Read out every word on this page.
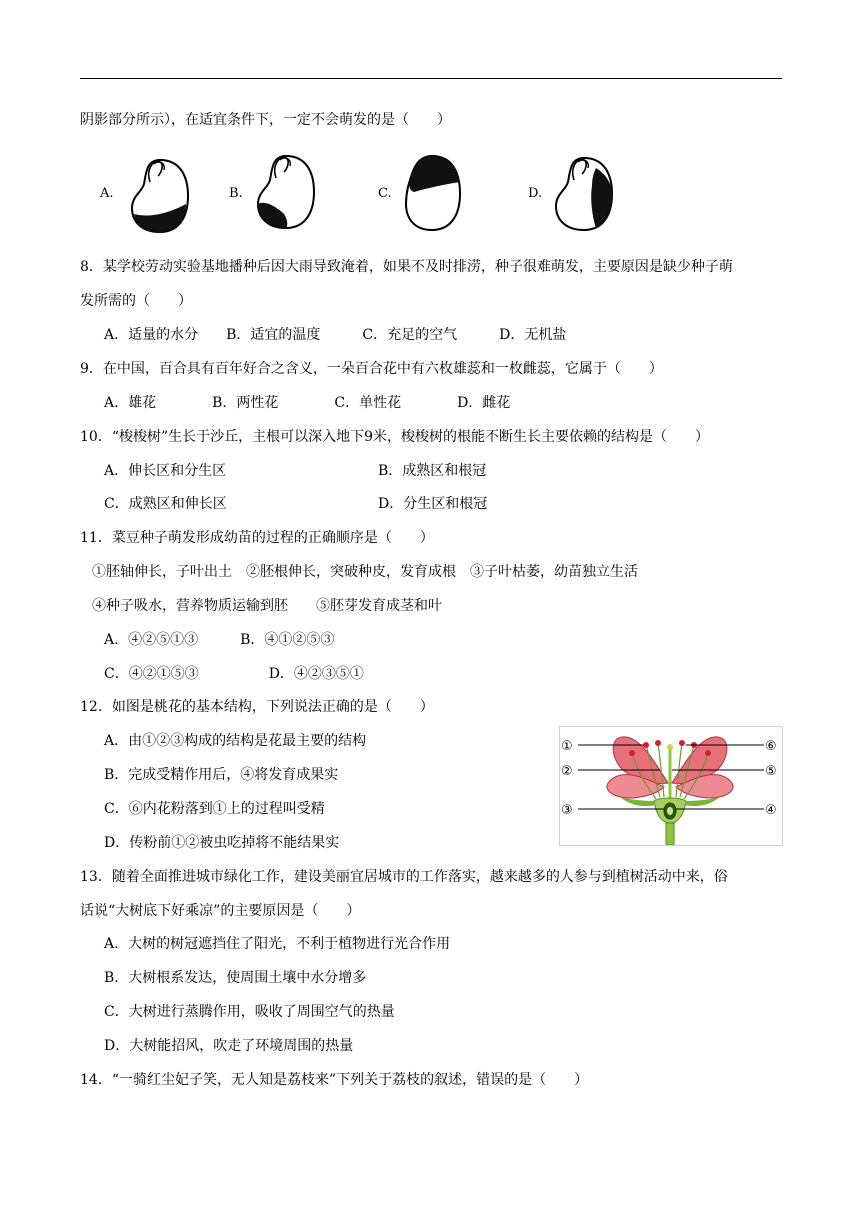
阴影部分所示），在适宜条件下，一定不会萌发的是（　　）
A.	B.	C.	D.
8．某学校劳动实验基地播种后因大雨导致淹着，如果不及时排涝，种子很难萌发，主要原因是缺少种子萌
发所需的（　　）
A．适量的水分　　B．适宜的温度　　　C．充足的空气　　　D．无机盐
9．在中国，百合具有百年好合之含义，一朵百合花中有六枚雄蕊和一枚雌蕊，它属于（　　）
A．雄花　　　　B．两性花　　　　C．单性花　　　　D．雌花
10．“梭梭树”生长于沙丘，主根可以深入地下9米，梭梭树的根能不断生长主要依赖的结构是（　　）
A．伸长区和分生区	B．成熟区和根冠
C．成熟区和伸长区	D．分生区和根冠
11．菜豆种子萌发形成幼苗的过程的正确顺序是（　　）
①胚轴伸长，子叶出土　②胚根伸长，突破种皮，发育成根　③子叶枯萎，幼苗独立生活
④种子吸水，营养物质运输到胚　　⑤胚芽发育成茎和叶
A．④②⑤①③　　　B．④①②⑤③
C．④②①⑤③　　　　　D．④②③⑤①
12．如图是桃花的基本结构，下列说法正确的是（　　）
A．由①②③构成的结构是花最主要的结构
B．完成受精作用后，④将发育成果实
C．⑥内花粉落到①上的过程叫受精
D．传粉前①②被虫吃掉将不能结果实
①
②
③	④
⑤
⑥
13．随着全面推进城市绿化工作，建设美丽宜居城市的工作落实，越来越多的人参与到植树活动中来，俗
话说“大树底下好乘凉”的主要原因是（　　）
A．大树的树冠遮挡住了阳光，不利于植物进行光合作用
B．大树根系发达，使周围土壤中水分增多
C．大树进行蒸腾作用，吸收了周围空气的热量
D．大树能招风，吹走了环境周围的热量
14．“一骑红尘妃子笑，无人知是荔枝来”下列关于荔枝的叙述，错误的是（　　）
